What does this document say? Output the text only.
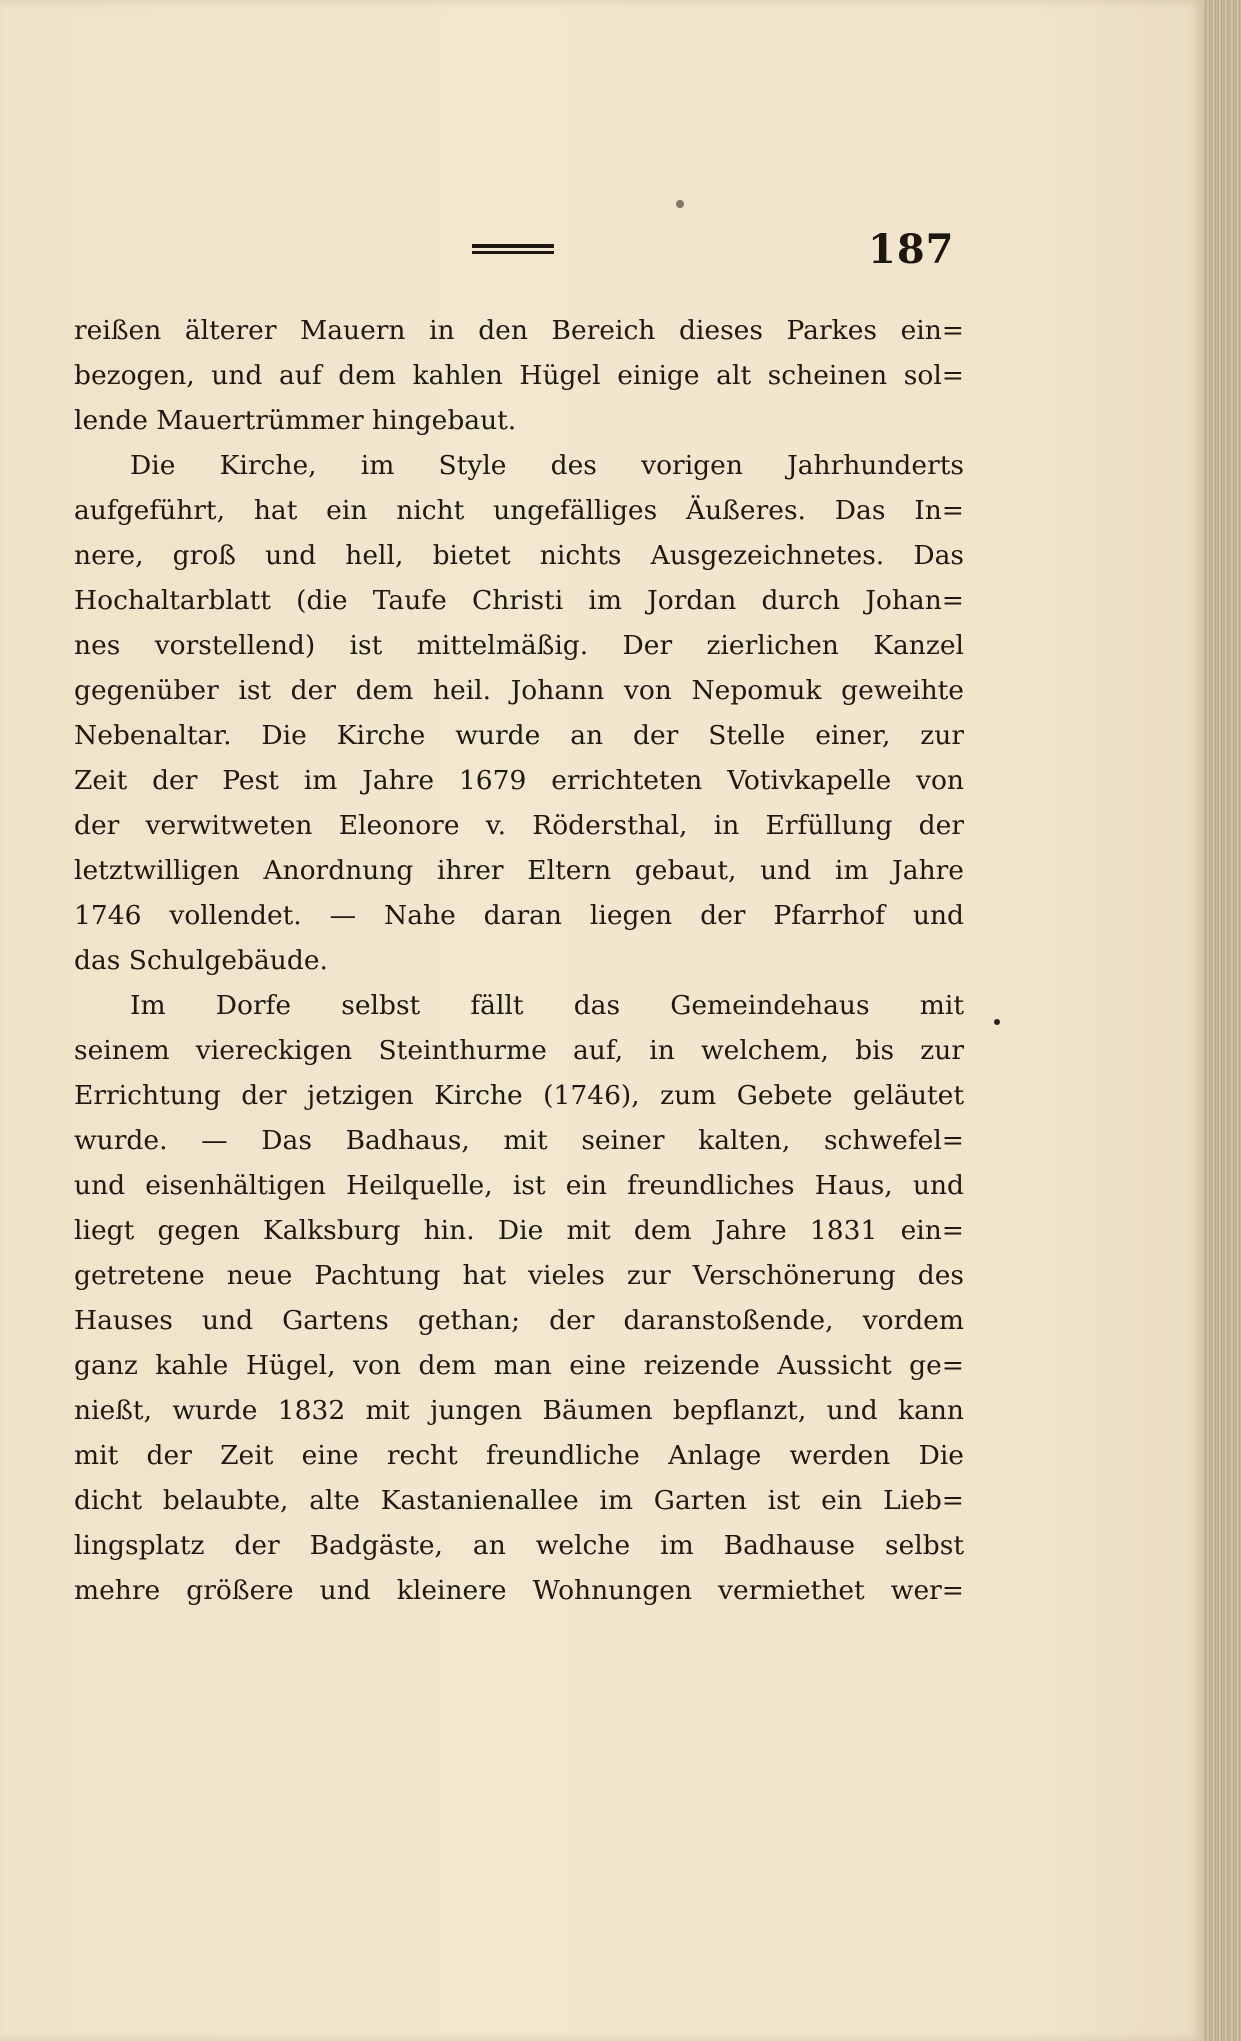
187
reißen älterer Mauern in den Bereich dieses Parkes ein=
bezogen, und auf dem kahlen Hügel einige alt scheinen sol=
lende Mauertrümmer hingebaut.
Die Kirche, im Style des vorigen Jahrhunderts
aufgeführt, hat ein nicht ungefälliges Äußeres. Das In=
nere, groß und hell, bietet nichts Ausgezeichnetes. Das
Hochaltarblatt (die Taufe Christi im Jordan durch Johan=
nes vorstellend) ist mittelmäßig. Der zierlichen Kanzel
gegenüber ist der dem heil. Johann von Nepomuk geweihte
Nebenaltar. Die Kirche wurde an der Stelle einer, zur
Zeit der Pest im Jahre 1679 errichteten Votivkapelle von
der verwitweten Eleonore v. Rödersthal, in Erfüllung der
letztwilligen Anordnung ihrer Eltern gebaut, und im Jahre
1746 vollendet. — Nahe daran liegen der Pfarrhof und
das Schulgebäude.
Im Dorfe selbst fällt das Gemeindehaus mit
seinem viereckigen Steinthurme auf, in welchem, bis zur
Errichtung der jetzigen Kirche (1746), zum Gebete geläutet
wurde. — Das Badhaus, mit seiner kalten, schwefel=
und eisenhältigen Heilquelle, ist ein freundliches Haus, und
liegt gegen Kalksburg hin. Die mit dem Jahre 1831 ein=
getretene neue Pachtung hat vieles zur Verschönerung des
Hauses und Gartens gethan; der daranstoßende, vordem
ganz kahle Hügel, von dem man eine reizende Aussicht ge=
nießt, wurde 1832 mit jungen Bäumen bepflanzt, und kann
mit der Zeit eine recht freundliche Anlage werden Die
dicht belaubte, alte Kastanienallee im Garten ist ein Lieb=
lingsplatz der Badgäste, an welche im Badhause selbst
mehre größere und kleinere Wohnungen vermiethet wer=
